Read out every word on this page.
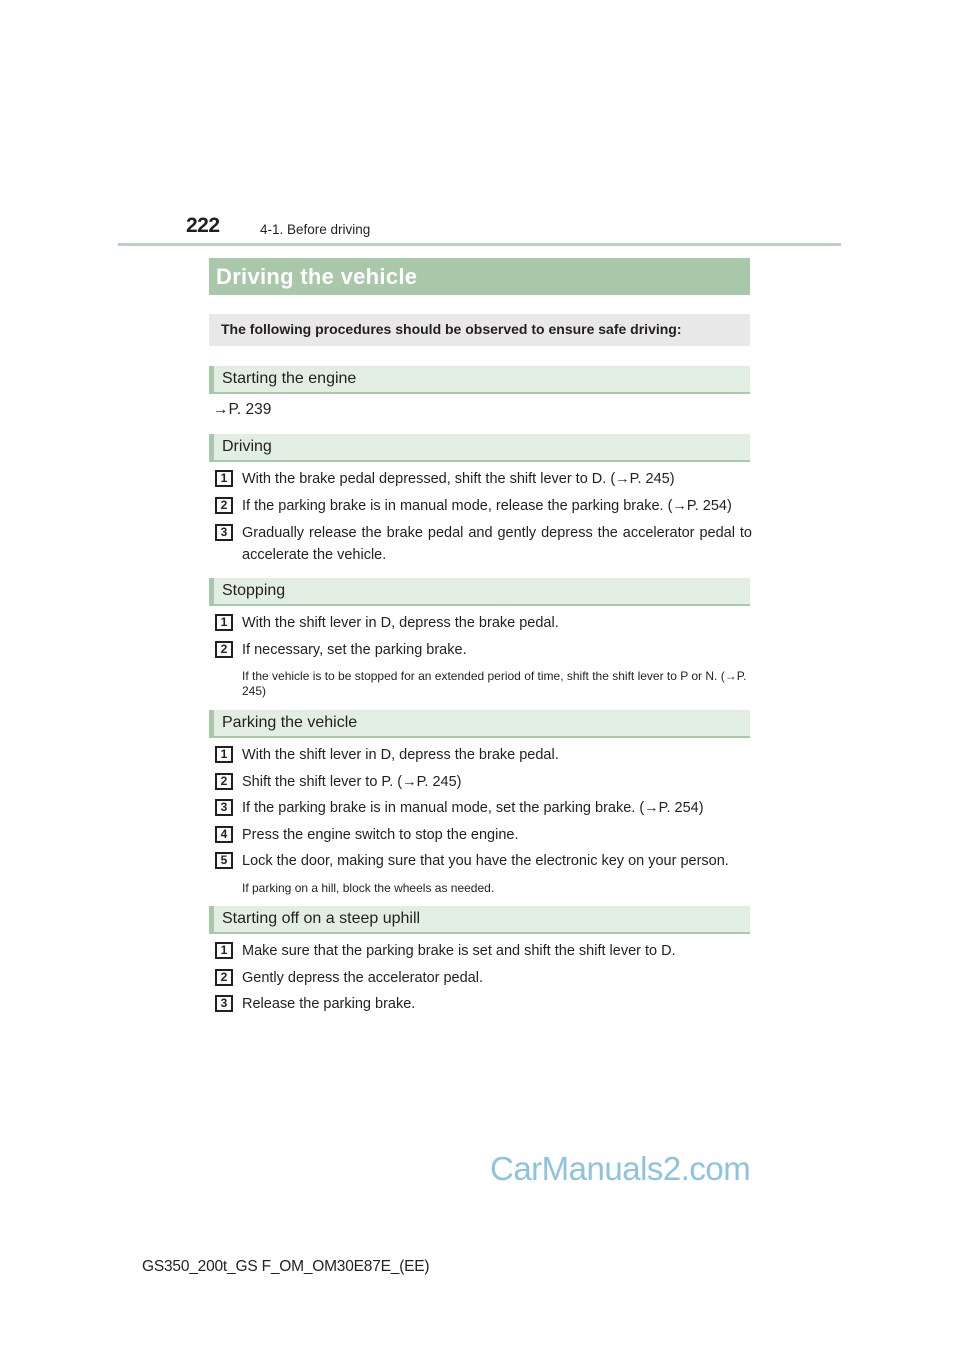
222	4-1. Before driving
Driving the vehicle
The following procedures should be observed to ensure safe driving:
Starting the engine
→P. 239
Driving
1	With the brake pedal depressed, shift the shift lever to D. (→P. 245)
2	If the parking brake is in manual mode, release the parking brake. (→P. 254)
3	Gradually release the brake pedal and gently depress the accelerator pedal to accelerate the vehicle.
Stopping
1	With the shift lever in D, depress the brake pedal.
2	If necessary, set the parking brake.
If the vehicle is to be stopped for an extended period of time, shift the shift lever to P or N. (→P. 245)
Parking the vehicle
1	With the shift lever in D, depress the brake pedal.
2	Shift the shift lever to P. (→P. 245)
3	If the parking brake is in manual mode, set the parking brake. (→P. 254)
4	Press the engine switch to stop the engine.
5	Lock the door, making sure that you have the electronic key on your person.
If parking on a hill, block the wheels as needed.
Starting off on a steep uphill
1	Make sure that the parking brake is set and shift the shift lever to D.
2	Gently depress the accelerator pedal.
3	Release the parking brake.
CarManuals2.com
GS350_200t_GS F_OM_OM30E87E_(EE)
